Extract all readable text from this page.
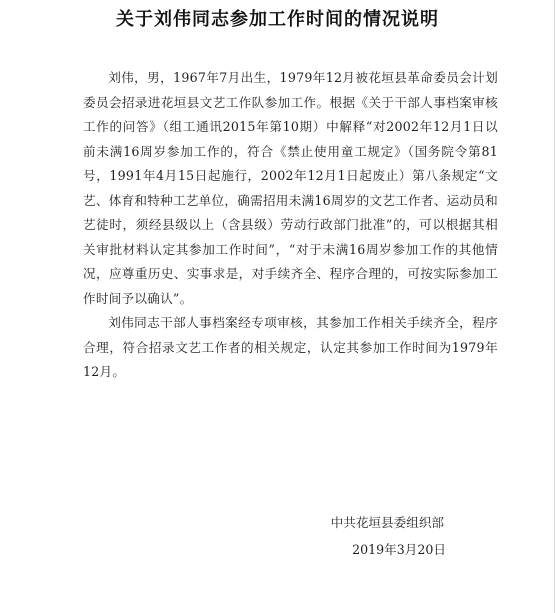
关于刘伟同志参加工作时间的情况说明

刘伟，男，1967年7月出生，1979年12月被花垣县革命委员会计划委员会招录进花垣县文艺工作队参加工作。根据《关于干部人事档案审核工作的问答》（组工通讯2015年第10期）中解释“对2002年12月1日以前未满16周岁参加工作的，符合《禁止使用童工规定》（国务院令第81号，1991年4月15日起施行，2002年12月1日起废止）第八条规定“文艺、体育和特种工艺单位，确需招用未满16周岁的文艺工作者、运动员和艺徒时，须经县级以上（含县级）劳动行政部门批准”的，可以根据其相关审批材料认定其参加工作时间”，“对于未满16周岁参加工作的其他情况，应尊重历史、实事求是，对手续齐全、程序合理的，可按实际参加工作时间予以确认”。

刘伟同志干部人事档案经专项审核，其参加工作相关手续齐全，程序合理，符合招录文艺工作者的相关规定，认定其参加工作时间为1979年12月。

中共花垣县委组织部
2019年3月20日
